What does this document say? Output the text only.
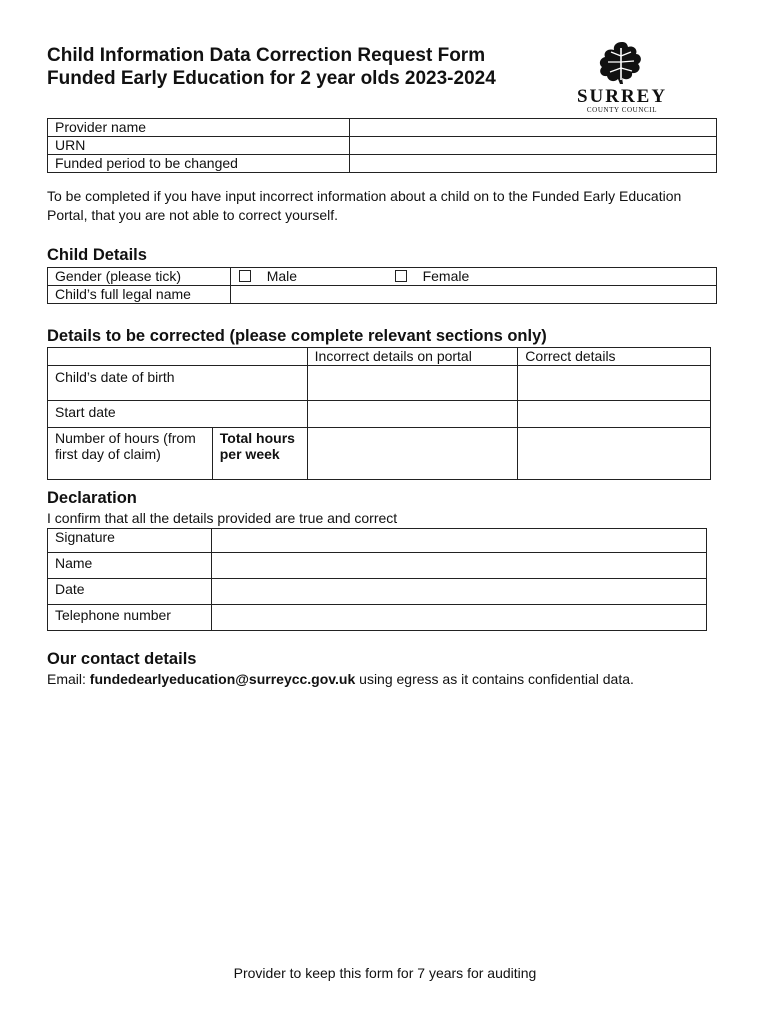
Child Information Data Correction Request Form
Funded Early Education for 2 year olds 2023-2024
SURREY
COUNTY COUNCIL
Provider name	
URN	
Funded period to be changed	
To be completed if you have input incorrect information about a child on to the Funded Early Education Portal, that you are not able to correct yourself.
Child Details
Gender (please tick)	Male Female
Child’s full legal name	
Details to be corrected (please complete relevant sections only)
		Incorrect details on portal	Correct details
Child’s date of birth			
Start date			
Number of hours (from first day of claim)	Total hours per week		
Declaration
I confirm that all the details provided are true and correct
Signature	
Name	
Date	
Telephone number	
Our contact details
Email: fundedearlyeducation@surreycc.gov.uk using egress as it contains confidential data.
Provider to keep this form for 7 years for auditing
